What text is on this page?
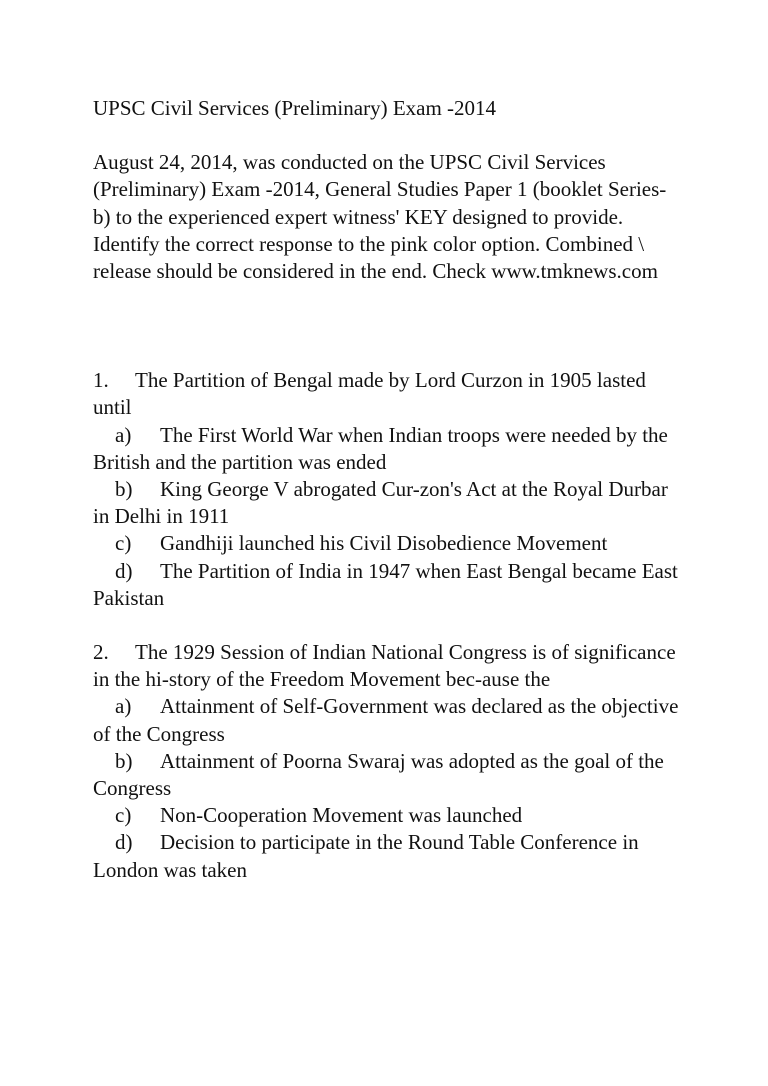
UPSC Civil Services (Preliminary) Exam -2014

August 24, 2014, was conducted on the UPSC Civil Services (Preliminary) Exam -2014, General Studies Paper 1 (booklet Series- b) to the experienced expert witness' KEY designed to provide. Identify the correct response to the pink color option. Combined \ release should be considered in the end. Check www.tmknews.com

1. The Partition of Bengal made by Lord Curzon in 1905 lasted until

a) The First World War when Indian troops were needed by the British and the partition was ended

b) King George V abrogated Cur-zon's Act at the Royal Durbar in Delhi in 1911

c) Gandhiji launched his Civil Disobedience Movement

d) The Partition of India in 1947 when East Bengal became East Pakistan

2. The 1929 Session of Indian National Congress is of significance in the hi-story of the Freedom Movement bec-ause the

a) Attainment of Self-Government was declared as the objective of the Congress

b) Attainment of Poorna Swaraj was adopted as the goal of the Congress

c) Non-Cooperation Movement was launched

d) Decision to participate in the Round Table Conference in London was taken
